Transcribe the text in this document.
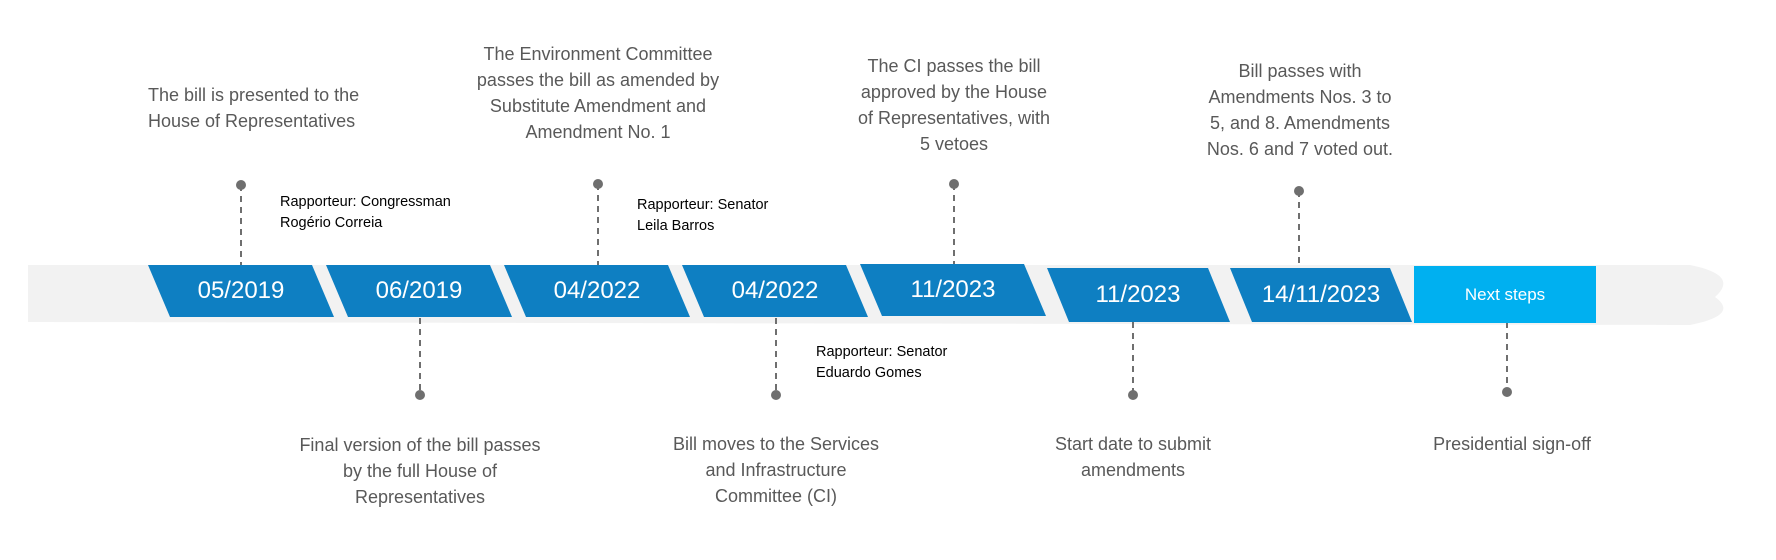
05/2019	06/2019	04/2022	04/2022	11/2023	11/2023	14/11/2023	Next steps

The bill is presented to the
House of Representatives

The Environment Committee
passes the bill as amended by
Substitute Amendment and
Amendment No. 1

The CI passes the bill
approved by the House
of Representatives, with
5 vetoes

Bill passes with
Amendments Nos. 3 to
5, and 8. Amendments
Nos. 6 and 7 voted out.

Final version of the bill passes
by the full House of
Representatives

Bill moves to the Services
and Infrastructure
Committee (CI)

Start date to submit
amendments

Presidential sign-off

Rapporteur: Congressman
Rogério Correia

Rapporteur: Senator
Leila Barros

Rapporteur: Senator
Eduardo Gomes
